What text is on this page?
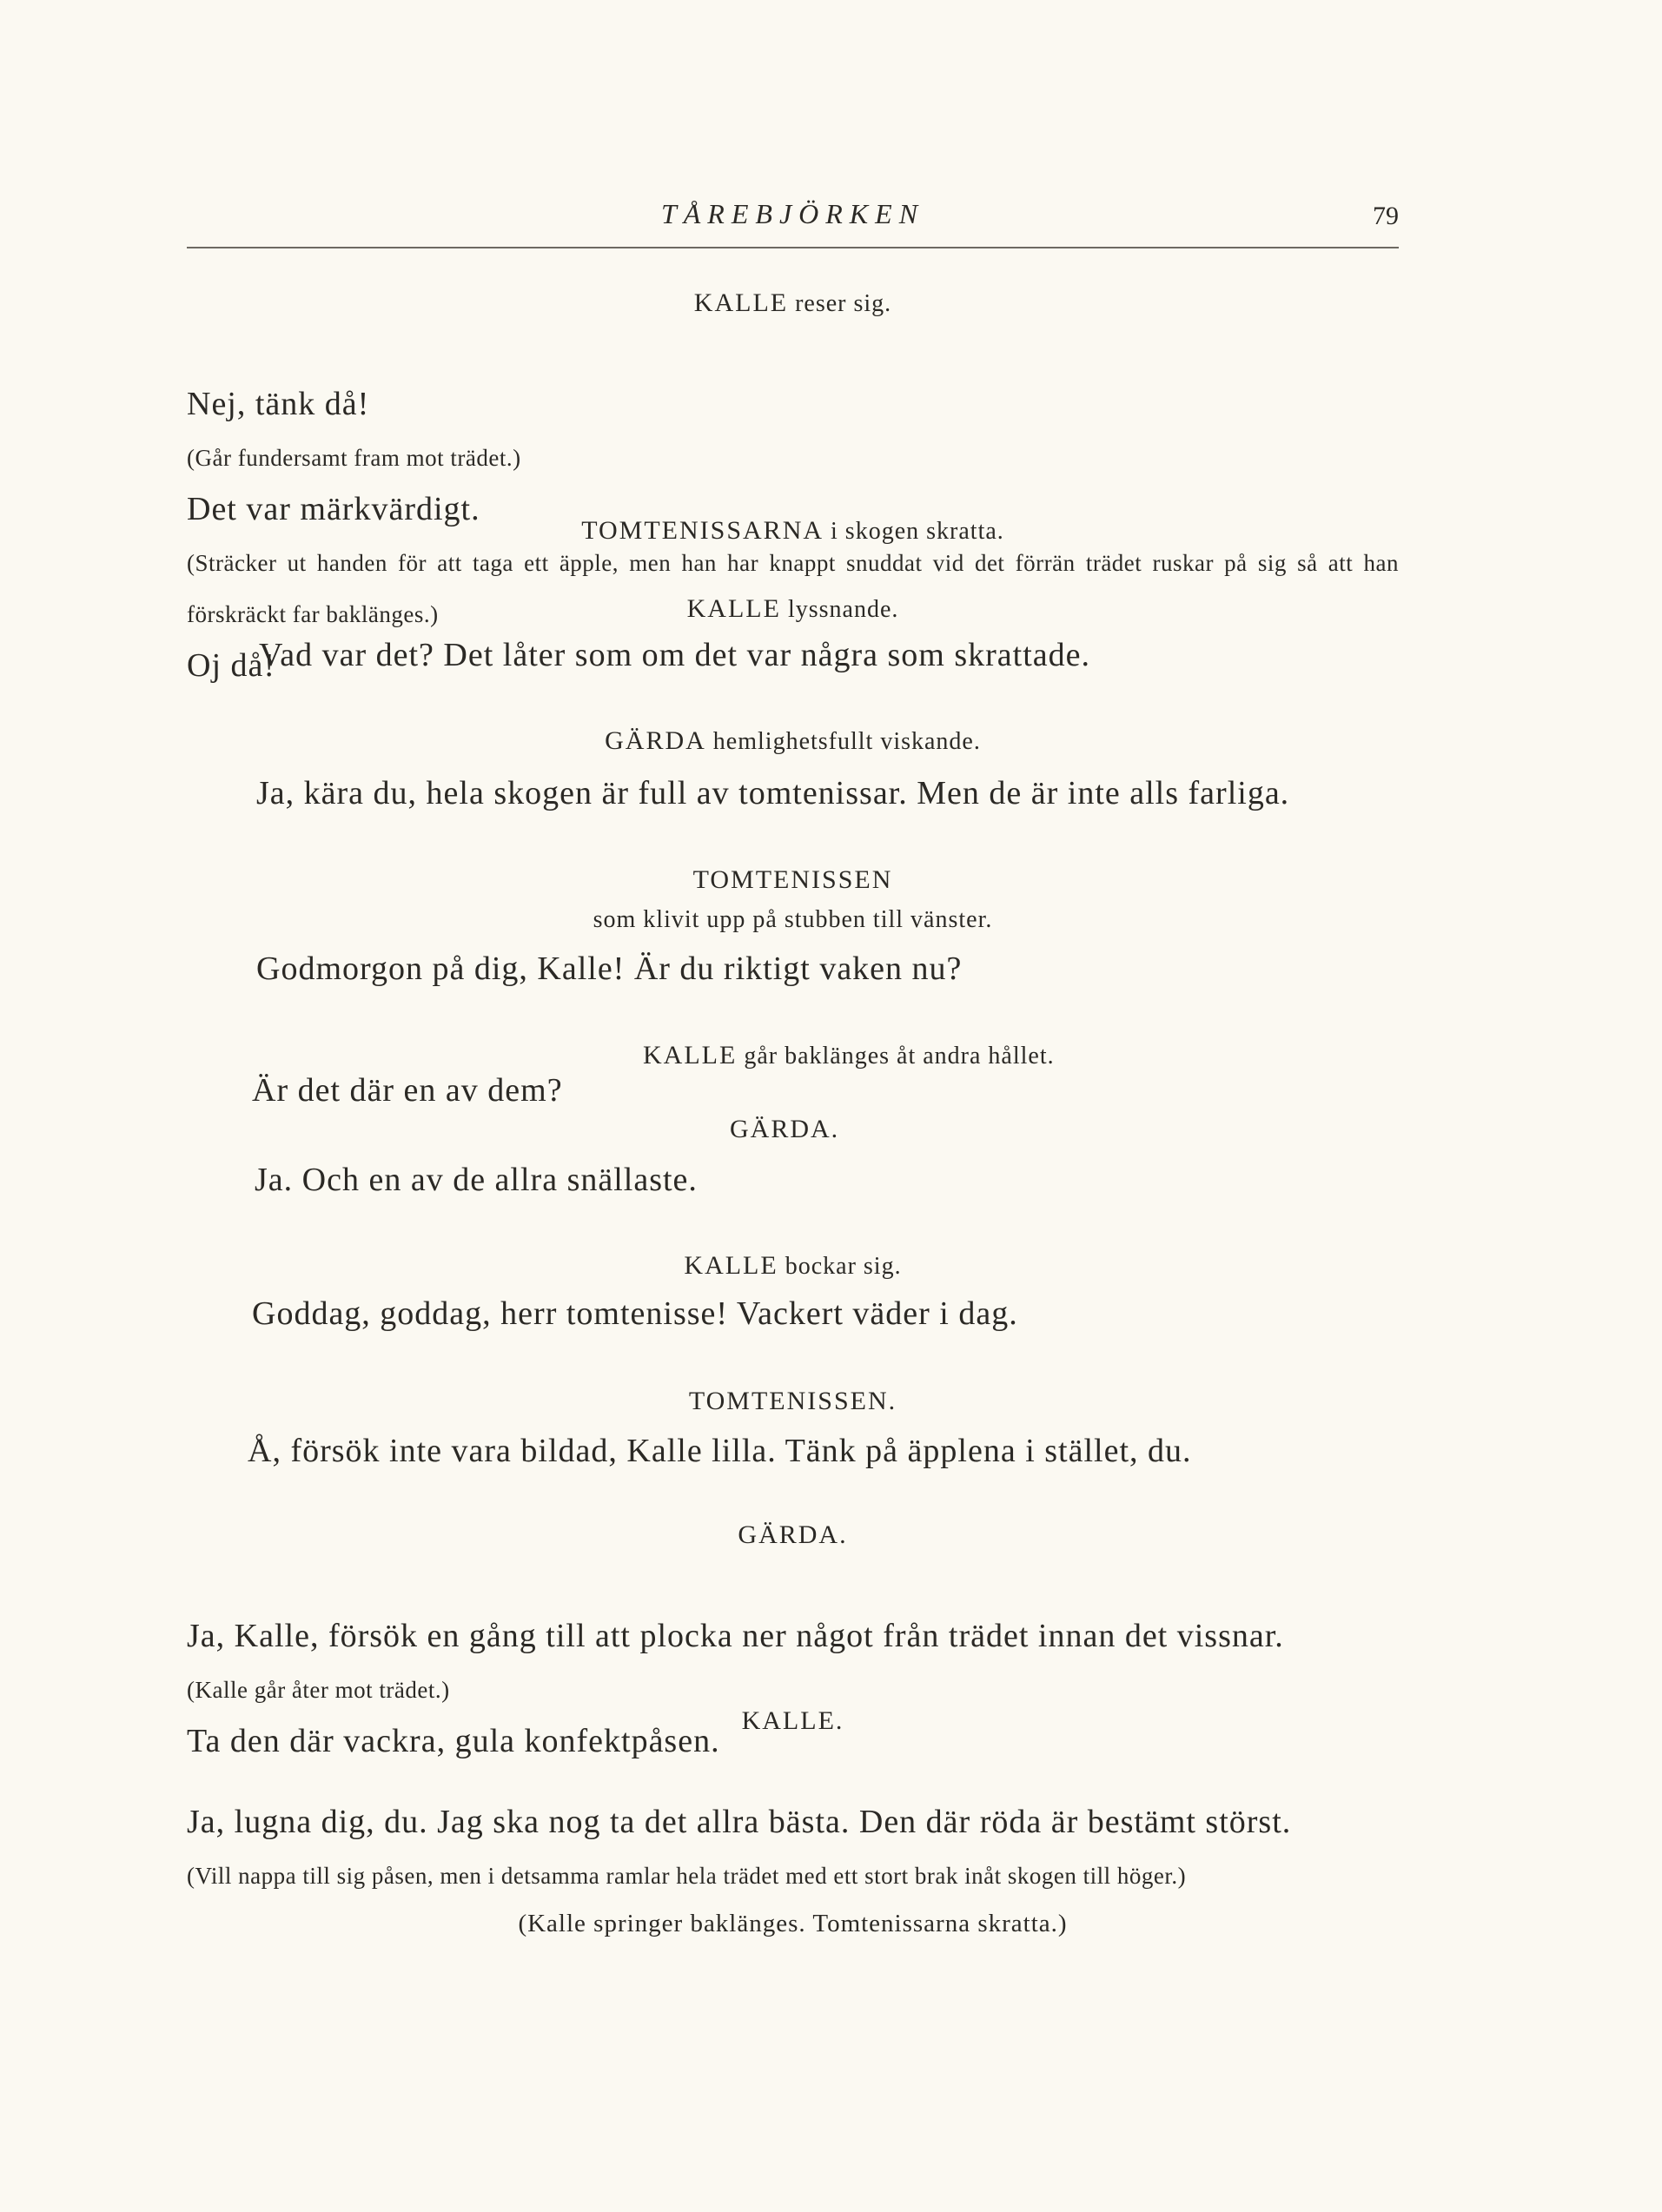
TÅREBJÖRKEN	79
KALLE reser sig.

Nej, tänk då!
(Går fundersamt fram mot trädet.)
Det var märkvärdigt.
(Sträcker ut handen för att taga ett äpple, men han har knappt snuddat vid det förrän trädet ruskar på sig så att han förskräckt far baklänges.)
Oj då!

TOMTENISSARNA i skogen skratta.
KALLE lyssnande.
Vad var det? Det låter som om det var några som skrattade.
GÄRDA hemlighetsfullt viskande.

Ja, kära du, hela skogen är full av tomtenissar. Men de är inte alls farliga.

TOMTENISSEN
som klivit upp på stubben till vänster.
Godmorgon på dig, Kalle! Är du riktigt vaken nu?
KALLE går baklänges åt andra hållet.
Är det där en av dem?
GÄRDA.
Ja. Och en av de allra snällaste.
KALLE bockar sig.
Goddag, goddag, herr tomtenisse! Vackert väder i dag.
TOMTENISSEN.
Å, försök inte vara bildad, Kalle lilla. Tänk på äpplena i stället, du.
GÄRDA.

Ja, Kalle, försök en gång till att plocka ner något från trädet innan det vissnar.
(Kalle går åter mot trädet.)
Ta den där vackra, gula konfektpåsen.

KALLE.

Ja, lugna dig, du. Jag ska nog ta det allra bästa. Den där röda är bestämt störst.
(Vill nappa till sig påsen, men i detsamma ramlar hela trädet med ett stort brak inåt skogen till höger.)

(Kalle springer baklänges. Tomtenissarna skratta.)
